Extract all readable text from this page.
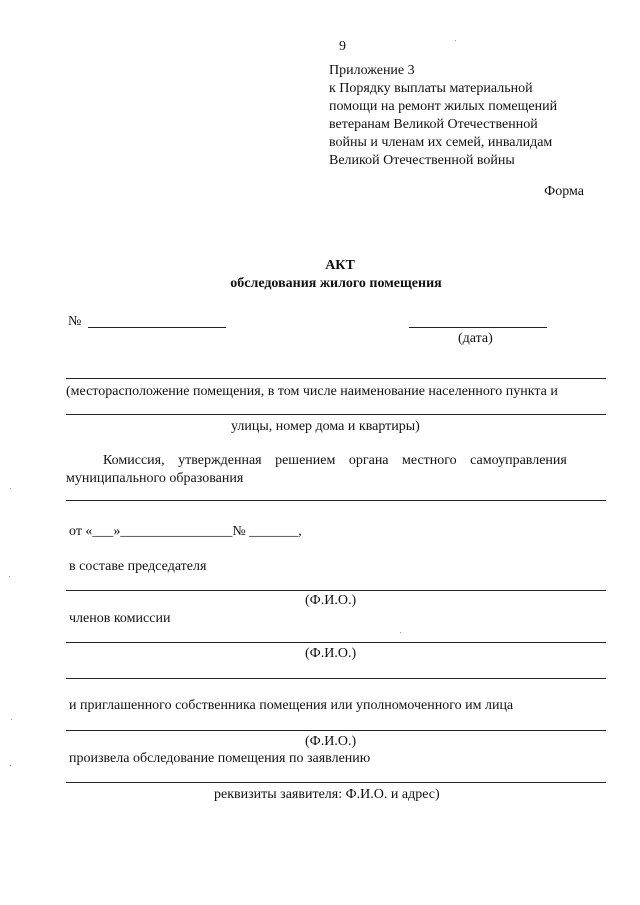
9
Приложение 3
к Порядку выплаты материальной
помощи на ремонт жилых помещений
ветеранам Великой Отечественной
войны и членам их семей, инвалидам
Великой Отечественной войны
Форма
АКТ
обследования жилого помещения
№
(дата)
(месторасположение помещения, в том числе наименование населенного пункта и
улицы, номер дома и квартиры)
Комиссия, утвержденная решением органа местного самоуправления
муниципального образования
от «___»________________№ _______,
в составе председателя
(Ф.И.О.)
членов комиссии
(Ф.И.О.)
и приглашенного собственника помещения или уполномоченного им лица
(Ф.И.О.)
произвела обследование помещения по заявлению
реквизиты заявителя: Ф.И.О. и адрес)
